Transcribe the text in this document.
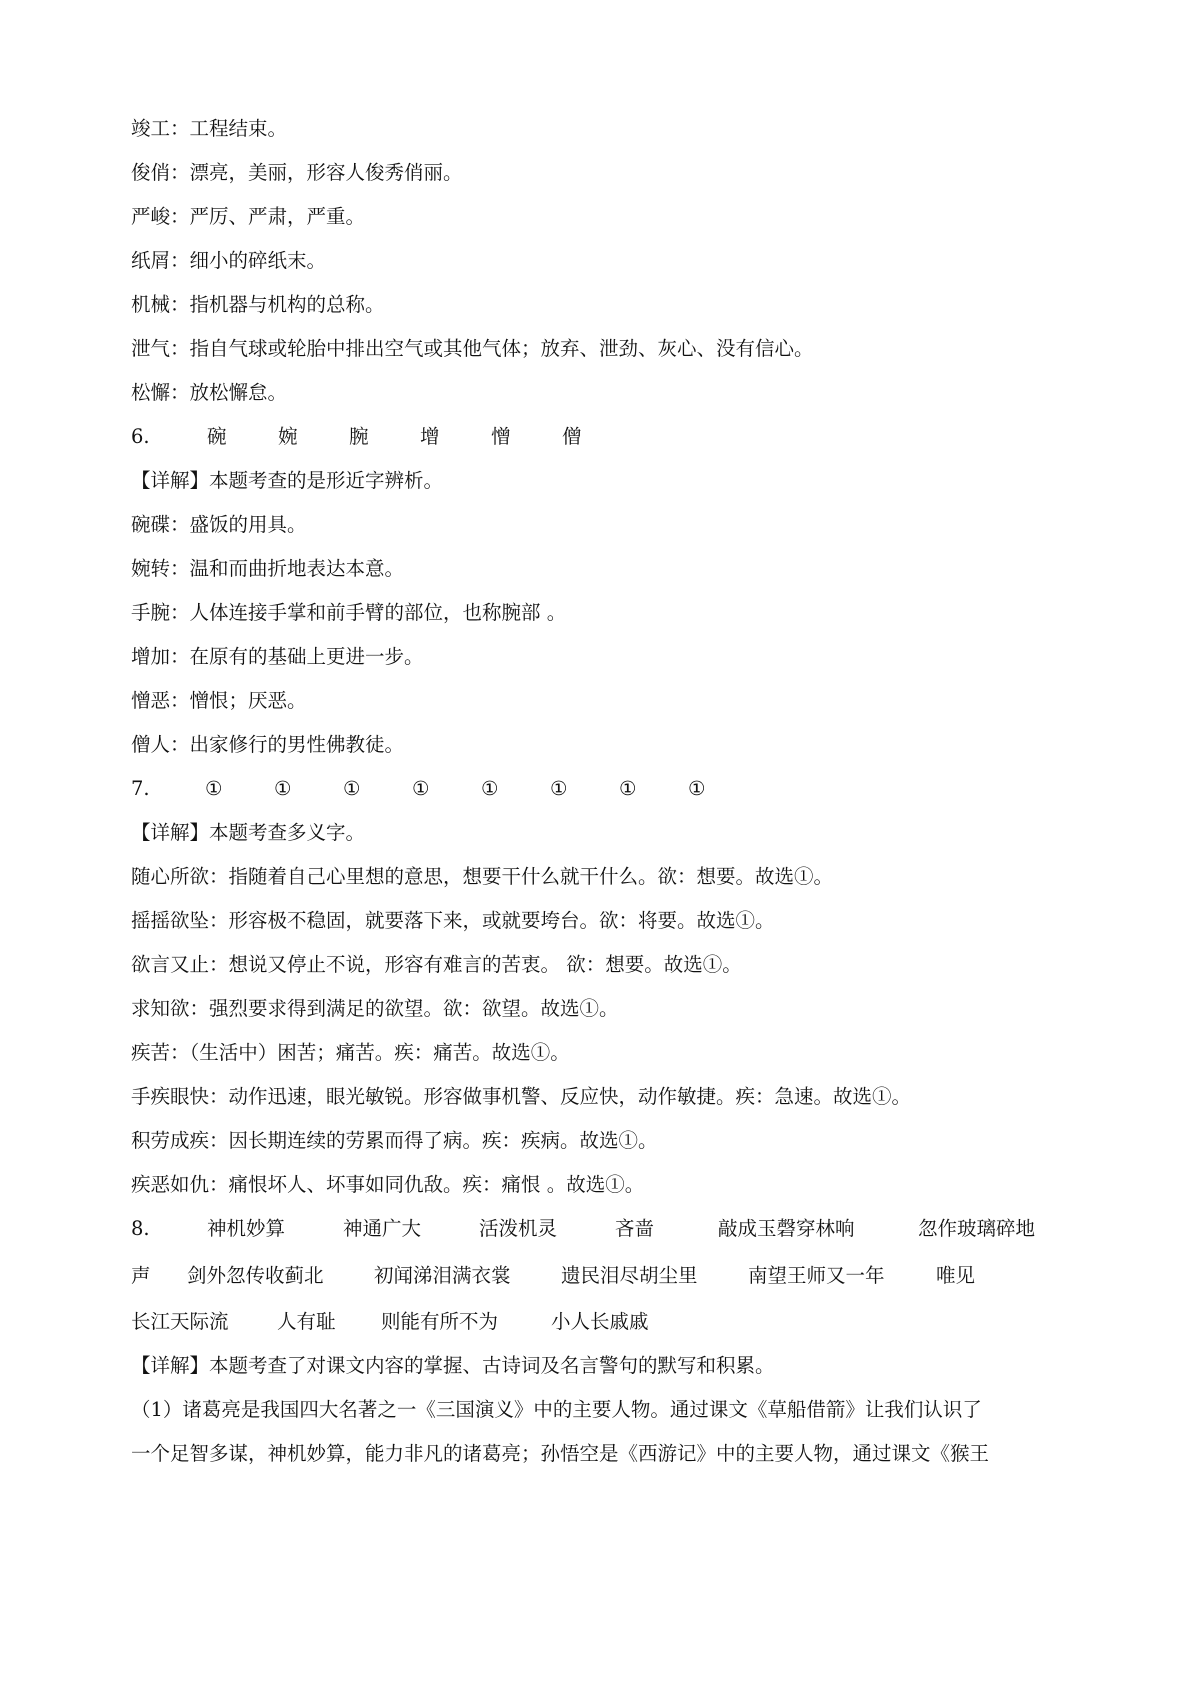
竣工：工程结束。
俊俏：漂亮，美丽，形容人俊秀俏丽。
严峻：严厉、严肃，严重。
纸屑：细小的碎纸末。
机械：指机器与机构的总称。
泄气：指自气球或轮胎中排出空气或其他气体；放弃、泄劲、灰心、没有信心。
松懈：放松懈怠。
6.	碗	婉	腕	增	憎	僧
【详解】本题考查的是形近字辨析。
碗碟：盛饭的用具。
婉转：温和而曲折地表达本意。
手腕：人体连接手掌和前手臂的部位，也称腕部 。
增加：在原有的基础上更进一步。
憎恶：憎恨；厌恶。
僧人：出家修行的男性佛教徒。
7.	①	①	①	①	①	①	①	①
【详解】本题考查多义字。
随心所欲：指随着自己心里想的意思，想要干什么就干什么。欲：想要。故选①。
摇摇欲坠：形容极不稳固，就要落下来，或就要垮台。欲：将要。故选①。
欲言又止：想说又停止不说，形容有难言的苦衷。 欲：想要。故选①。
求知欲：强烈要求得到满足的欲望。欲：欲望。故选①。
疾苦：（生活中）困苦；痛苦。疾：痛苦。故选①。
手疾眼快：动作迅速，眼光敏锐。形容做事机警、反应快，动作敏捷。疾：急速。故选①。
积劳成疾：因长期连续的劳累而得了病。疾：疾病。故选①。
疾恶如仇：痛恨坏人、坏事如同仇敌。疾：痛恨 。故选①。
8.	神机妙算	神通广大	活泼机灵	吝啬	敲成玉磬穿林响	忽作玻璃碎地
声	剑外忽传收蓟北	初闻涕泪满衣裳	遗民泪尽胡尘里	南望王师又一年	唯见
长江天际流	人有耻	则能有所不为	小人长戚戚
【详解】本题考查了对课文内容的掌握、古诗词及名言警句的默写和积累。
（1）诸葛亮是我国四大名著之一《三国演义》中的主要人物。通过课文《草船借箭》让我们认识了
一个足智多谋，神机妙算，能力非凡的诸葛亮；孙悟空是《西游记》中的主要人物，通过课文《猴王
